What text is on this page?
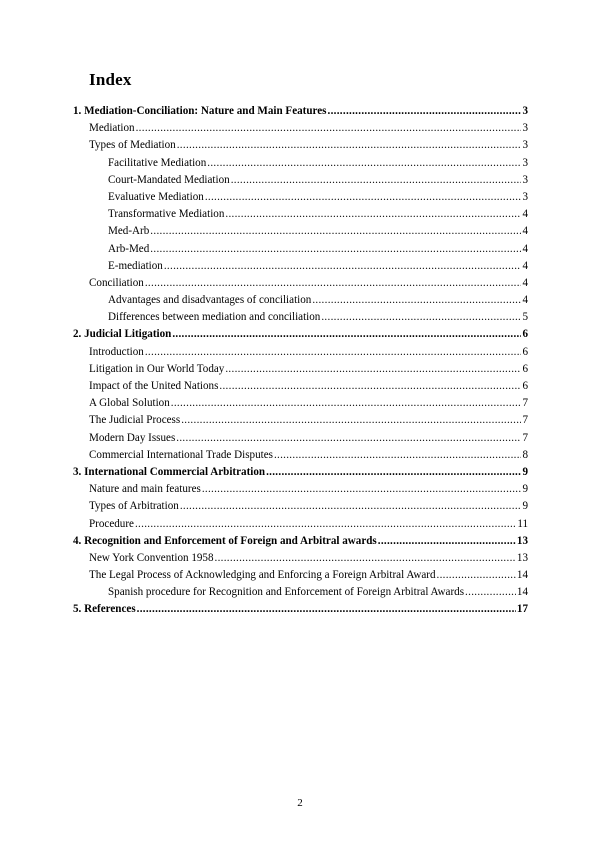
Index
1. Mediation-Conciliation: Nature and Main Features .....	3
Mediation .....	3
Types of Mediation .....	3
Facilitative Mediation .....	3
Court-Mandated Mediation .....	3
Evaluative Mediation .....	3
Transformative Mediation .....	4
Med-Arb .....	4
Arb-Med .....	4
E-mediation .....	4
Conciliation .....	4
Advantages and disadvantages of conciliation .....	4
Differences between mediation and conciliation .....	5
2. Judicial Litigation .....	6
Introduction .....	6
Litigation in Our World Today .....	6
Impact of the United Nations .....	6
A Global Solution .....	7
The Judicial Process .....	7
Modern Day Issues .....	7
Commercial International Trade Disputes .....	8
3. International Commercial Arbitration .....	9
Nature and main features .....	9
Types of Arbitration .....	9
Procedure .....	11
4. Recognition and Enforcement of Foreign and Arbitral awards .....	13
New York Convention 1958 .....	13
The Legal Process of Acknowledging and Enforcing a Foreign Arbitral Award .....	14
Spanish procedure for Recognition and Enforcement of Foreign Arbitral Awards .....	14
5. References .....	17
2
